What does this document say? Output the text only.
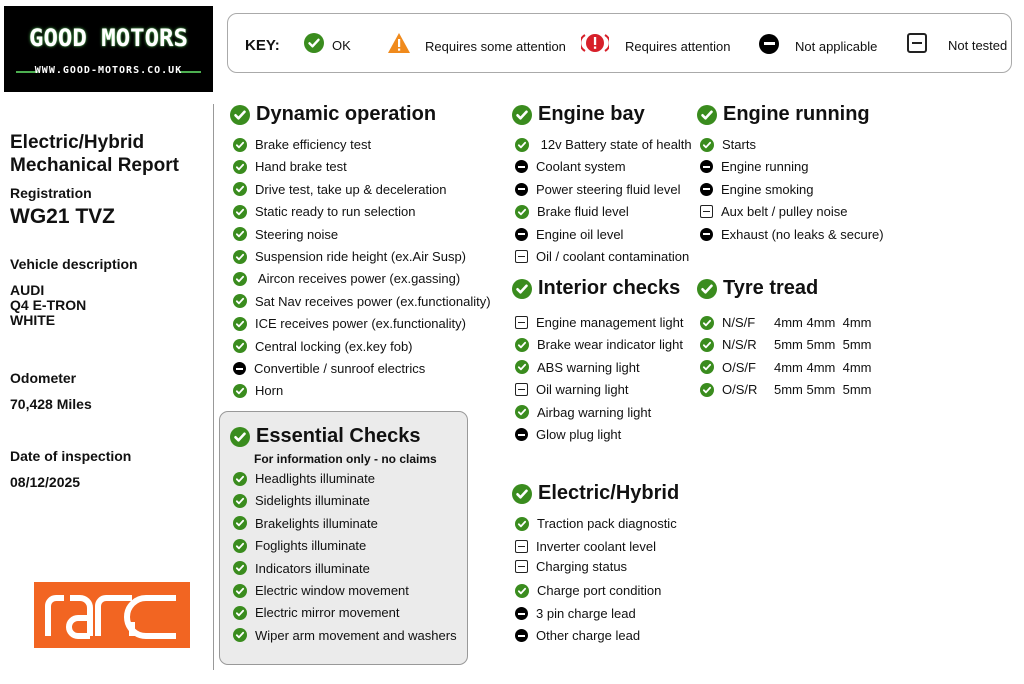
GOOD MOTORS
WWW.GOOD-MOTORS.CO.UK
KEY:	OK	Requires some attention	Requires attention	Not applicable	Not tested
Electric/Hybrid
Mechanical Report
Registration
WG21 TVZ
Vehicle description
AUDI
Q4 E-TRON
WHITE
Odometer
70,428 Miles
Date of inspection
08/12/2025
Dynamic operation
Brake efficiency test
Hand brake test
Drive test, take up & deceleration
Static ready to run selection
Steering noise
Suspension ride height (ex.Air Susp)
Aircon receives power (ex.gassing)
Sat Nav receives power (ex.functionality)
ICE receives power (ex.functionality)
Central locking (ex.key fob)
Convertible / sunroof electrics
Horn
Essential Checks
Headlights illuminate
Sidelights illuminate
Brakelights illuminate
Foglights illuminate
Indicators illuminate
Electric window movement
Electric mirror movement
Wiper arm movement and washers
Engine bay
12v Battery state of health
Coolant system
Power steering fluid level
Brake fluid level
Engine oil level
Oil / coolant contamination
Interior checks
Engine management light
Brake wear indicator light
ABS warning light
Oil warning light
Airbag warning light
Glow plug light
Electric/Hybrid
Traction pack diagnostic
Inverter coolant level
Charging status
Charge port condition
3 pin charge lead
Other charge lead
Engine running
Starts
Engine running
Engine smoking
Aux belt / pulley noise
Exhaust (no leaks & secure)
Tyre tread
N/S/F	4mm 4mm  4mm
N/S/R	5mm 5mm  5mm
O/S/F	4mm 4mm  4mm
O/S/R	5mm 5mm  5mm
For information only - no claims
